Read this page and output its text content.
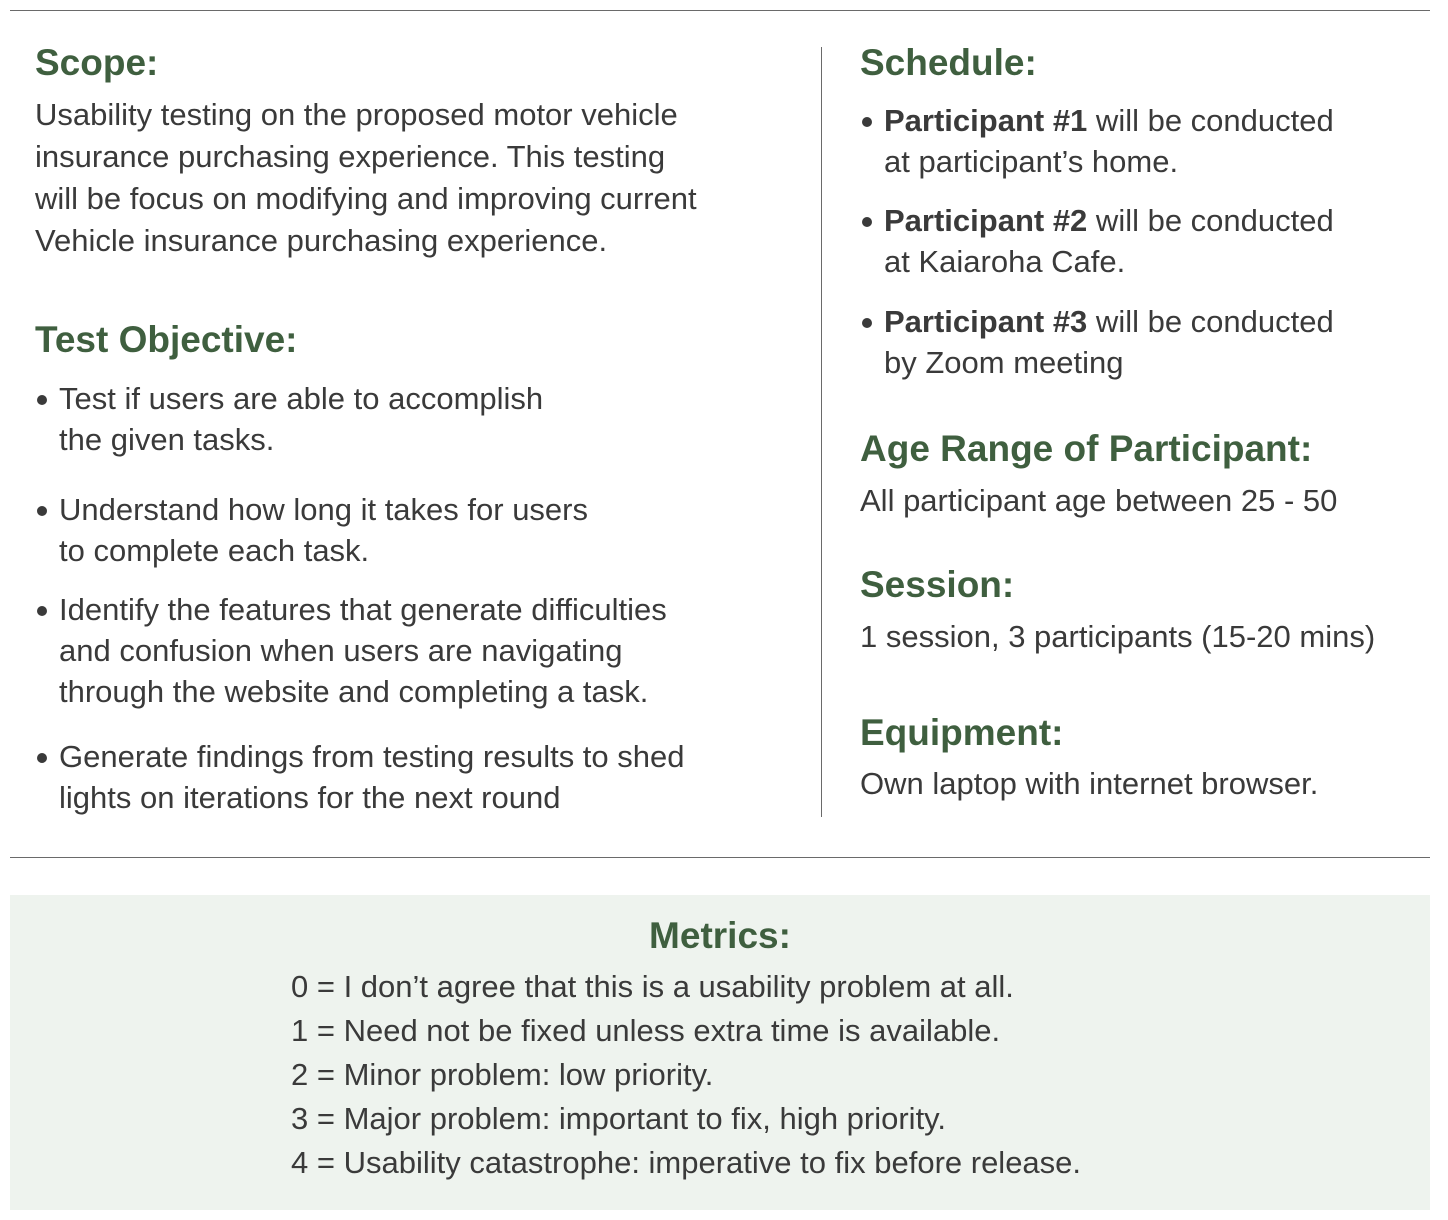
Scope:

Usability testing on the proposed motor vehicle
insurance purchasing experience. This testing
will be focus on modifying and improving current
Vehicle insurance purchasing experience.

Test Objective:
Test if users are able to accomplish
the given tasks.
Understand how long it takes for users
to complete each task.
Identify the features that generate difficulties
and confusion when users are navigating
through the website and completing a task.
Generate findings from testing results to shed
lights on iterations for the next round
Schedule:
Participant #1 will be conducted
at participant’s home.
Participant #2 will be conducted
at Kaiaroha Cafe.
Participant #3 will be conducted
by Zoom meeting
Age Range of Participant:

All participant age between 25 - 50

Session:

1 session, 3 participants (15-20 mins)

Equipment:

Own laptop with internet browser.

Metrics:
0 = I don’t agree that this is a usability problem at all.
1 = Need not be fixed unless extra time is available.
2 = Minor problem: low priority.
3 = Major problem: important to fix, high priority.
4 = Usability catastrophe: imperative to fix before release.
